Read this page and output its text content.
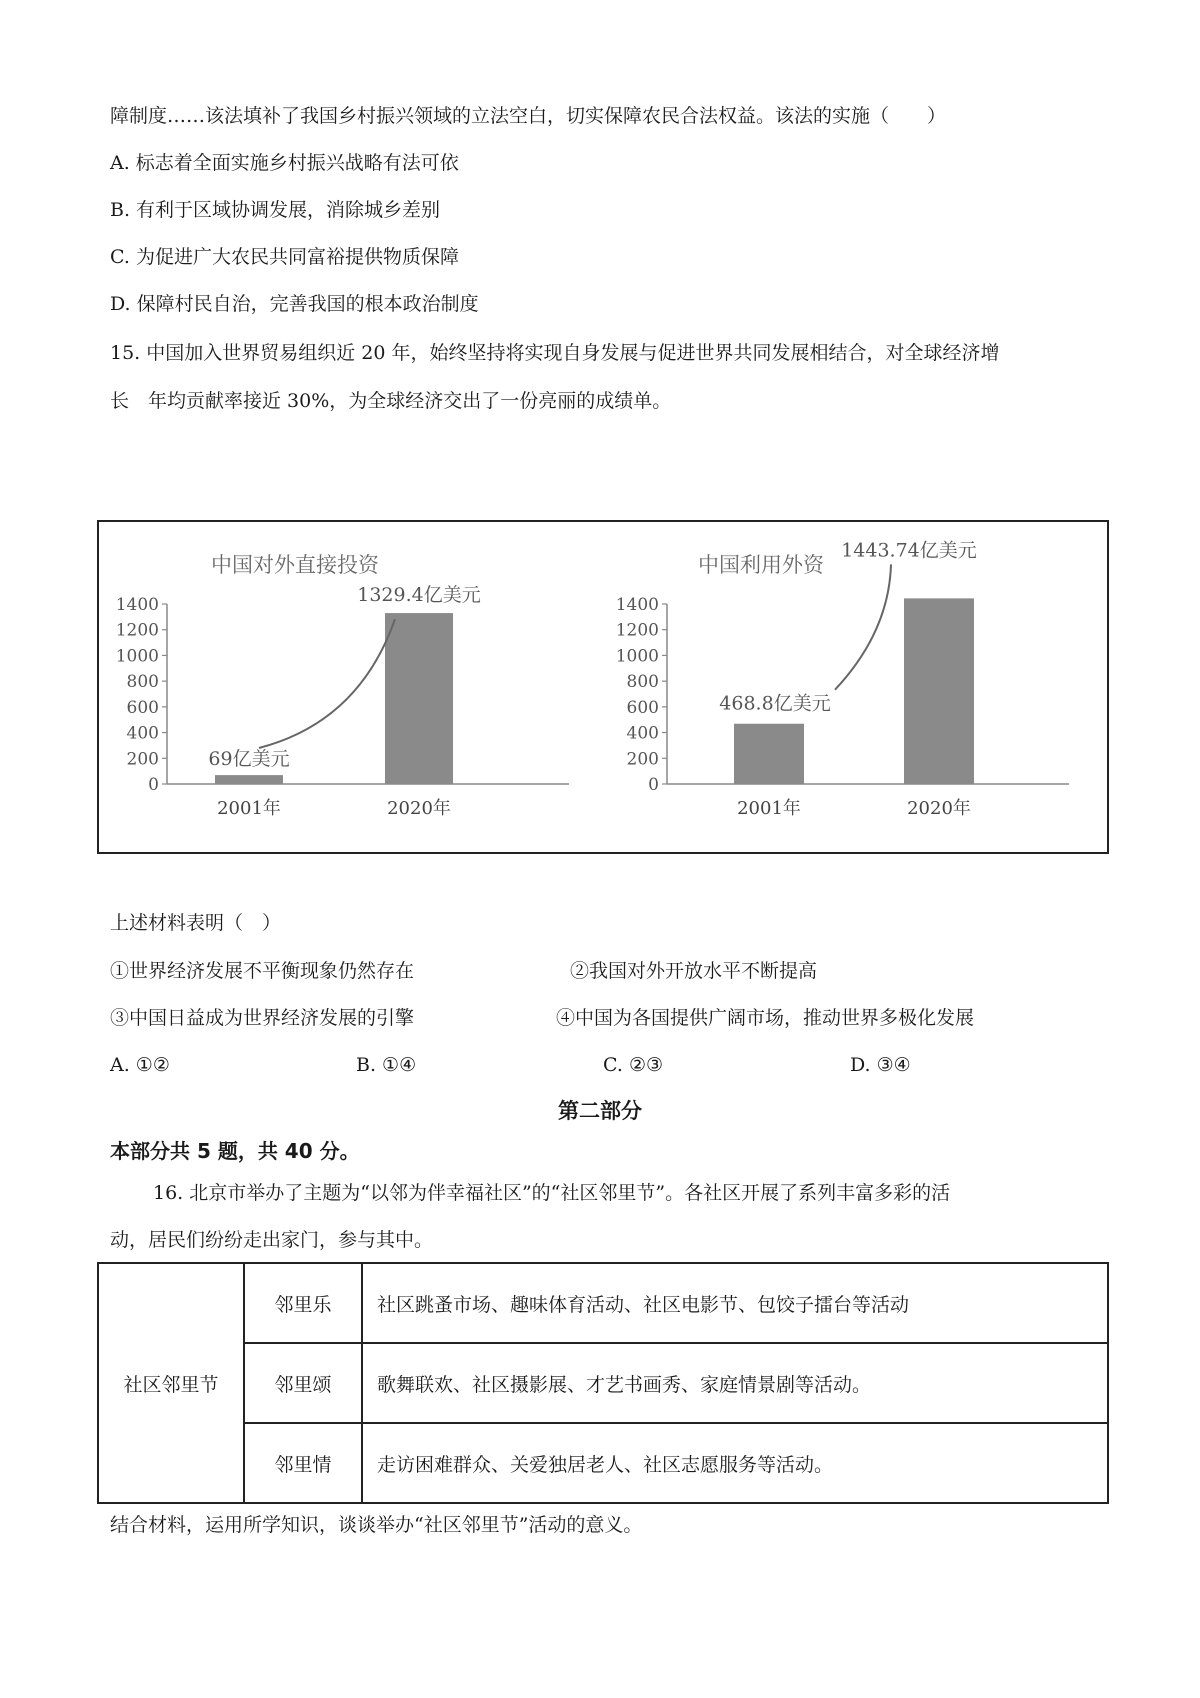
障制度……该法填补了我国乡村振兴领域的立法空白，切实保障农民合法权益。该法的实施（　　）
A. 标志着全面实施乡村振兴战略有法可依
B. 有利于区域协调发展，消除城乡差别
C. 为促进广大农民共同富裕提供物质保障
D. 保障村民自治，完善我国的根本政治制度
15. 中国加入世界贸易组织近 20 年，始终坚持将实现自身发展与促进世界共同发展相结合，对全球经济增
长　年均贡献率接近 30%，为全球经济交出了一份亮丽的成绩单。
中国对外直接投资
0
200
400
600
800
1000
1200
1400
2001年	2020年
69亿美元
1329.4亿美元
中国利用外资
0
200
400
600
800
1000
1200
1400
2001年	2020年
468.8亿美元
1443.74亿美元
上述材料表明（　）
①世界经济发展不平衡现象仍然存在	②我国对外开放水平不断提高
③中国日益成为世界经济发展的引擎	④中国为各国提供广阔市场，推动世界多极化发展
A. ①②	B. ①④	C. ②③	D. ③④
第二部分
本部分共 5 题，共 40 分。
16. 北京市举办了主题为“以邻为伴幸福社区”的“社区邻里节”。各社区开展了系列丰富多彩的活
动，居民们纷纷走出家门，参与其中。
社区邻里节	邻里乐	社区跳蚤市场、趣味体育活动、社区电影节、包饺子擂台等活动
	邻里颂	歌舞联欢、社区摄影展、才艺书画秀、家庭情景剧等活动。
	邻里情	走访困难群众、关爱独居老人、社区志愿服务等活动。
结合材料，运用所学知识，谈谈举办“社区邻里节”活动的意义。
